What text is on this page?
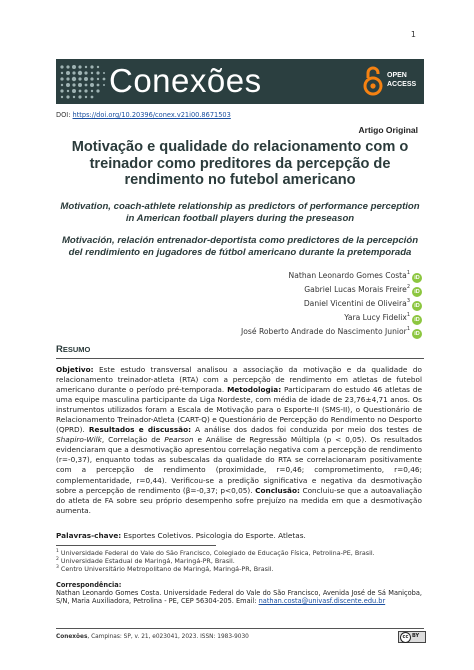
1
Conexões	OPEN
ACCESS
DOI: https://doi.org/10.20396/conex.v21i00.8671503
Artigo Original
Motivação e qualidade do relacionamento com o treinador como preditores da percepção de rendimento no futebol americano
Motivation, coach-athlete relationship as predictors of performance perception in American football players during the preseason
Motivación, relación entrenador-deportista como predictores de la percepción del rendimiento en jugadores de fútbol americano durante la pretemporada
Nathan Leonardo Gomes Costa$^1$iD
Gabriel Lucas Morais Freire$^2$iD
Daniel Vicentini de Oliveira$^3$iD
Yara Lucy Fidelix$^1$iD
José Roberto Andrade do Nascimento Junior$^1$iD
RESUMO
Objetivo: Este estudo transversal analisou a associação da motivação e da qualidade do relacionamento treinador-atleta (RTA) com a percepção de rendimento em atletas de futebol americano durante o período pré-temporada. Metodologia: Participaram do estudo 46 atletas de uma equipe masculina participante da Liga Nordeste, com média de idade de 23,76±4,71 anos. Os instrumentos utilizados foram a Escala de Motivação para o Esporte-II (SMS-II), o Questionário de Relacionamento Treinador-Atleta (CART-Q) e Questionário de Percepção do Rendimento no Desporto (QPRD). Resultados e discussão: A análise dos dados foi conduzida por meio dos testes de Shapiro-Wilk, Correlação de Pearson e Análise de Regressão Múltipla (p < 0,05). Os resultados evidenciaram que a desmotivação apresentou correlação negativa com a percepção de rendimento (r=-0,37), enquanto todas as subescalas da qualidade do RTA se correlacionaram positivamente com a percepção de rendimento (proximidade, r=0,46; comprometimento, r=0,46; complementaridade, r=0,44). Verificou-se a predição significativa e negativa da desmotivação sobre a percepção de rendimento (β=-0,37; p<0,05). Conclusão: Concluiu-se que a autoavaliação do atleta de FA sobre seu próprio desempenho sofre prejuízo na medida em que a desmotivação aumenta.
Palavras-chave: Esportes Coletivos. Psicologia do Esporte. Atletas.
$^1$ Universidade Federal do Vale do São Francisco, Colegiado de Educação Física, Petrolina-PE, Brasil.
$^2$ Universidade Estadual de Maringá, Maringá-PR, Brasil.
$^3$ Centro Universitário Metropolitano de Maringá, Maringá-PR, Brasil.
Correspondência:
Nathan Leonardo Gomes Costa. Universidade Federal do Vale do São Francisco, Avenida José de Sá Maniçoba, S/N, Maria Auxiliadora, Petrolina - PE, CEP 56304-205. Email: nathan.costa@univasf.discente.edu.br
Conexões, Campinas: SP, v. 21, e023041, 2023. ISSN: 1983-9030	cc BY
